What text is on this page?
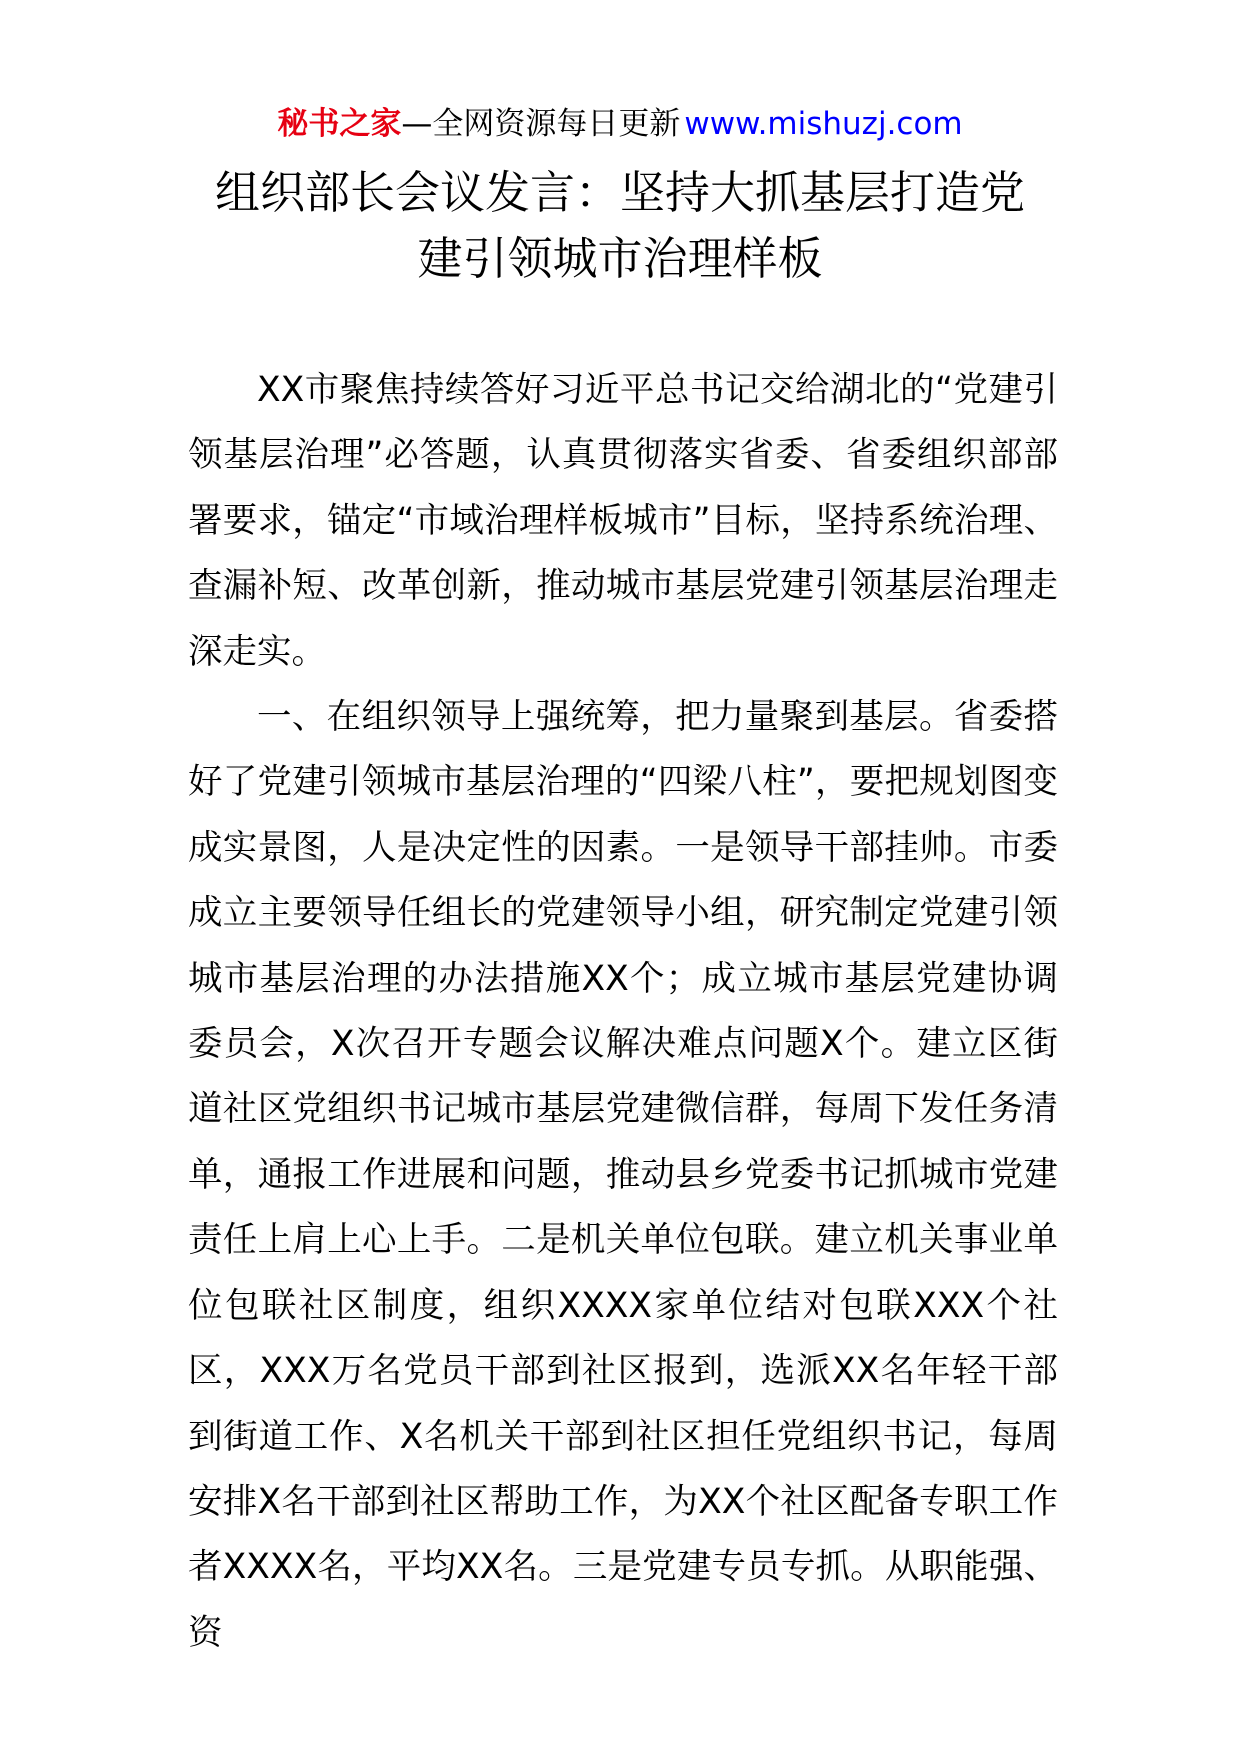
秘书之家—全网资源每日更新 www.mishuzj.com
组织部长会议发言：坚持大抓基层打造党
建引领城市治理样板

XX市聚焦持续答好习近平总书记交给湖北的“党建引领基层治理”必答题，认真贯彻落实省委、省委组织部部署要求，锚定“市域治理样板城市”目标，坚持系统治理、查漏补短、改革创新，推动城市基层党建引领基层治理走深走实。

一、在组织领导上强统筹，把力量聚到基层。省委搭好了党建引领城市基层治理的“四梁八柱”，要把规划图变成实景图，人是决定性的因素。一是领导干部挂帅。市委成立主要领导任组长的党建领导小组，研究制定党建引领城市基层治理的办法措施XX个；成立城市基层党建协调委员会，X次召开专题会议解决难点问题X个。建立区街道社区党组织书记城市基层党建微信群，每周下发任务清单，通报工作进展和问题，推动县乡党委书记抓城市党建责任上肩上心上手。二是机关单位包联。建立机关事业单位包联社区制度，组织XXXX家单位结对包联XXX个社区，XXX万名党员干部到社区报到，选派XX名年轻干部到街道工作、X名机关干部到社区担任党组织书记，每周安排X名干部到社区帮助工作，为XX个社区配备专职工作者XXXX名，平均XX名。三是党建专员专抓。从职能强、资
